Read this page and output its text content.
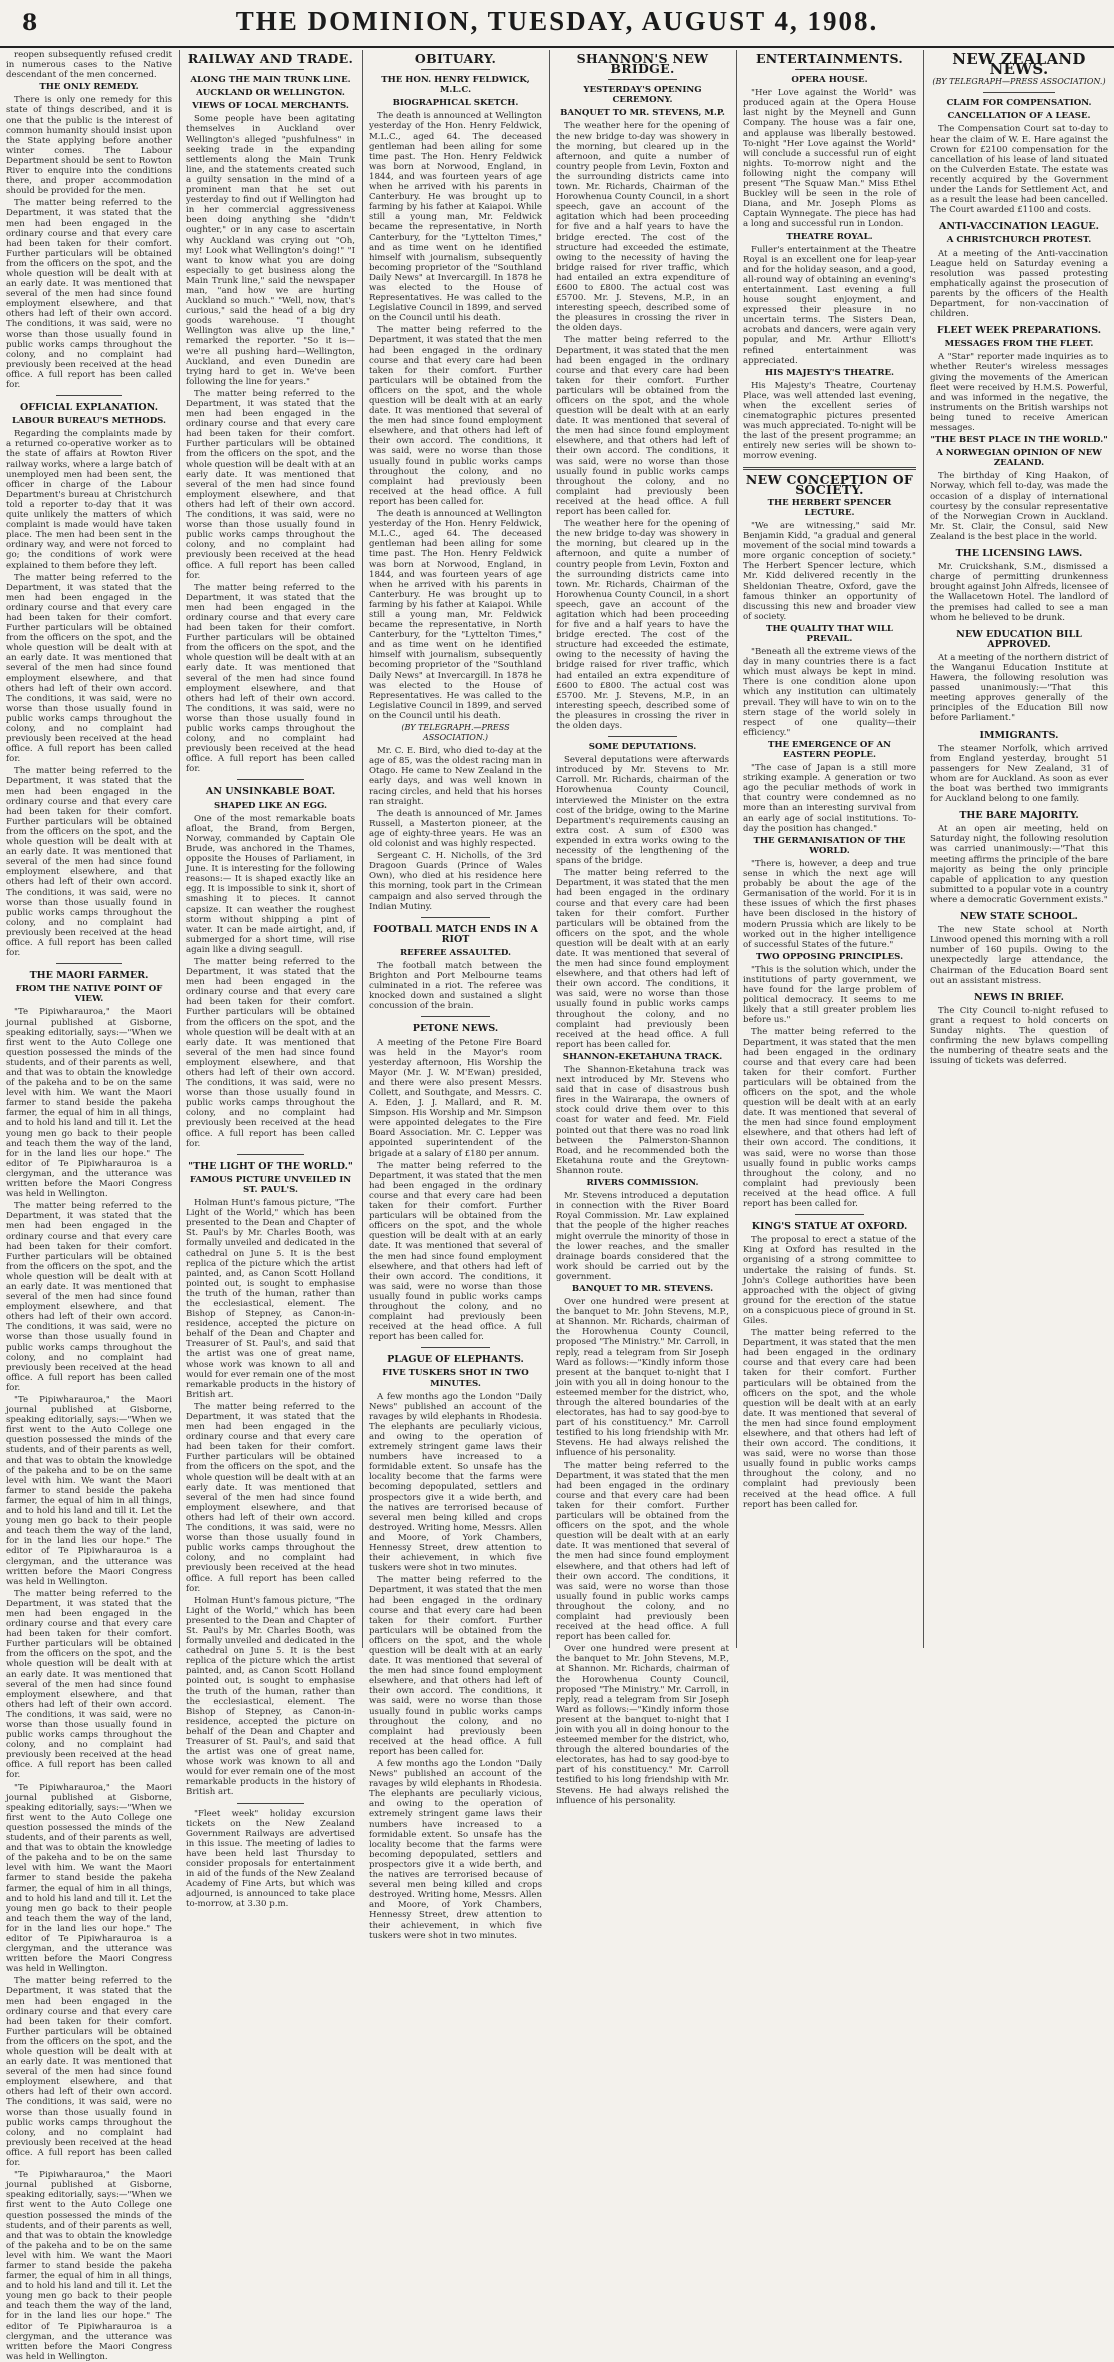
8	THE DOMINION, TUESDAY, AUGUST 4, 1908.

reopen subsequently refused credit in numerous cases to the Native descendant of the men concerned.

THE ONLY REMEDY.

There is only one remedy for this state of things described, and it is one that the public is the interest of common humanity should insist upon the State applying before another winter comes. The Labour Department should be sent to Rowton River to enquire into the conditions there, and proper accommodation should be provided for the men.

The matter being referred to the Department, it was stated that the men had been engaged in the ordinary course and that every care had been taken for their comfort. Further particulars will be obtained from the officers on the spot, and the whole question will be dealt with at an early date. It was mentioned that several of the men had since found employment elsewhere, and that others had left of their own accord. The conditions, it was said, were no worse than those usually found in public works camps throughout the colony, and no complaint had previously been received at the head office. A full report has been called for.

OFFICIAL EXPLANATION.
LABOUR BUREAU'S METHODS.

Regarding the complaints made by a returned co-operative worker as to the state of affairs at Rowton River railway works, where a large batch of unemployed men had been sent, the officer in charge of the Labour Department's bureau at Christchurch told a reporter to-day that it was quite unlikely the matters of which complaint is made would have taken place. The men had been sent in the ordinary way, and were not forced to go; the conditions of work were explained to them before they left.

The matter being referred to the Department, it was stated that the men had been engaged in the ordinary course and that every care had been taken for their comfort. Further particulars will be obtained from the officers on the spot, and the whole question will be dealt with at an early date. It was mentioned that several of the men had since found employment elsewhere, and that others had left of their own accord. The conditions, it was said, were no worse than those usually found in public works camps throughout the colony, and no complaint had previously been received at the head office. A full report has been called for.

The matter being referred to the Department, it was stated that the men had been engaged in the ordinary course and that every care had been taken for their comfort. Further particulars will be obtained from the officers on the spot, and the whole question will be dealt with at an early date. It was mentioned that several of the men had since found employment elsewhere, and that others had left of their own accord. The conditions, it was said, were no worse than those usually found in public works camps throughout the colony, and no complaint had previously been received at the head office. A full report has been called for.

THE MAORI FARMER.
FROM THE NATIVE POINT OF VIEW.

"Te Pipiwharauroa," the Maori journal published at Gisborne, speaking editorially, says:—"When we first went to the Auto College one question possessed the minds of the students, and of their parents as well, and that was to obtain the knowledge of the pakeha and to be on the same level with him. We want the Maori farmer to stand beside the pakeha farmer, the equal of him in all things, and to hold his land and till it. Let the young men go back to their people and teach them the way of the land, for in the land lies our hope." The editor of Te Pipiwharauroa is a clergyman, and the utterance was written before the Maori Congress was held in Wellington.

The matter being referred to the Department, it was stated that the men had been engaged in the ordinary course and that every care had been taken for their comfort. Further particulars will be obtained from the officers on the spot, and the whole question will be dealt with at an early date. It was mentioned that several of the men had since found employment elsewhere, and that others had left of their own accord. The conditions, it was said, were no worse than those usually found in public works camps throughout the colony, and no complaint had previously been received at the head office. A full report has been called for.

"Te Pipiwharauroa," the Maori journal published at Gisborne, speaking editorially, says:—"When we first went to the Auto College one question possessed the minds of the students, and of their parents as well, and that was to obtain the knowledge of the pakeha and to be on the same level with him. We want the Maori farmer to stand beside the pakeha farmer, the equal of him in all things, and to hold his land and till it. Let the young men go back to their people and teach them the way of the land, for in the land lies our hope." The editor of Te Pipiwharauroa is a clergyman, and the utterance was written before the Maori Congress was held in Wellington.

The matter being referred to the Department, it was stated that the men had been engaged in the ordinary course and that every care had been taken for their comfort. Further particulars will be obtained from the officers on the spot, and the whole question will be dealt with at an early date. It was mentioned that several of the men had since found employment elsewhere, and that others had left of their own accord. The conditions, it was said, were no worse than those usually found in public works camps throughout the colony, and no complaint had previously been received at the head office. A full report has been called for.

"Te Pipiwharauroa," the Maori journal published at Gisborne, speaking editorially, says:—"When we first went to the Auto College one question possessed the minds of the students, and of their parents as well, and that was to obtain the knowledge of the pakeha and to be on the same level with him. We want the Maori farmer to stand beside the pakeha farmer, the equal of him in all things, and to hold his land and till it. Let the young men go back to their people and teach them the way of the land, for in the land lies our hope." The editor of Te Pipiwharauroa is a clergyman, and the utterance was written before the Maori Congress was held in Wellington.

The matter being referred to the Department, it was stated that the men had been engaged in the ordinary course and that every care had been taken for their comfort. Further particulars will be obtained from the officers on the spot, and the whole question will be dealt with at an early date. It was mentioned that several of the men had since found employment elsewhere, and that others had left of their own accord. The conditions, it was said, were no worse than those usually found in public works camps throughout the colony, and no complaint had previously been received at the head office. A full report has been called for.

"Te Pipiwharauroa," the Maori journal published at Gisborne, speaking editorially, says:—"When we first went to the Auto College one question possessed the minds of the students, and of their parents as well, and that was to obtain the knowledge of the pakeha and to be on the same level with him. We want the Maori farmer to stand beside the pakeha farmer, the equal of him in all things, and to hold his land and till it. Let the young men go back to their people and teach them the way of the land, for in the land lies our hope." The editor of Te Pipiwharauroa is a clergyman, and the utterance was written before the Maori Congress was held in Wellington.

RAILWAY AND TRADE.
ALONG THE MAIN TRUNK LINE.
AUCKLAND OR WELLINGTON.
VIEWS OF LOCAL MERCHANTS.

Some people have been agitating themselves in Auckland over Wellington's alleged "pushfulness" in seeking trade in the expanding settlements along the Main Trunk line, and the statements created such a guilty sensation in the mind of a prominent man that he set out yesterday to find out if Wellington had in her commercial aggressiveness been doing anything she "didn't oughter," or in any case to ascertain why Auckland was crying out "Oh, my! Look what Wellington's doing!" "I want to know what you are doing especially to get business along the Main Trunk line," said the newspaper man, "and how we are hurting Auckland so much." "Well, now, that's curious," said the head of a big dry goods warehouse. "I thought Wellington was alive up the line," remarked the reporter. "So it is—we're all pushing hard—Wellington, Auckland, and even Dunedin are trying hard to get in. We've been following the line for years."

The matter being referred to the Department, it was stated that the men had been engaged in the ordinary course and that every care had been taken for their comfort. Further particulars will be obtained from the officers on the spot, and the whole question will be dealt with at an early date. It was mentioned that several of the men had since found employment elsewhere, and that others had left of their own accord. The conditions, it was said, were no worse than those usually found in public works camps throughout the colony, and no complaint had previously been received at the head office. A full report has been called for.

The matter being referred to the Department, it was stated that the men had been engaged in the ordinary course and that every care had been taken for their comfort. Further particulars will be obtained from the officers on the spot, and the whole question will be dealt with at an early date. It was mentioned that several of the men had since found employment elsewhere, and that others had left of their own accord. The conditions, it was said, were no worse than those usually found in public works camps throughout the colony, and no complaint had previously been received at the head office. A full report has been called for.

AN UNSINKABLE BOAT.
SHAPED LIKE AN EGG.

One of the most remarkable boats afloat, the Brand, from Bergen, Norway, commanded by Captain Ole Brude, was anchored in the Thames, opposite the Houses of Parliament, in June. It is interesting for the following reasons:— It is shaped exactly like an egg. It is impossible to sink it, short of smashing it to pieces. It cannot capsize. It can weather the roughest storm without shipping a pint of water. It can be made airtight, and, if submerged for a short time, will rise again like a diving seagull.

The matter being referred to the Department, it was stated that the men had been engaged in the ordinary course and that every care had been taken for their comfort. Further particulars will be obtained from the officers on the spot, and the whole question will be dealt with at an early date. It was mentioned that several of the men had since found employment elsewhere, and that others had left of their own accord. The conditions, it was said, were no worse than those usually found in public works camps throughout the colony, and no complaint had previously been received at the head office. A full report has been called for.

"THE LIGHT OF THE WORLD."
FAMOUS PICTURE UNVEILED IN ST. PAUL'S.

Holman Hunt's famous picture, "The Light of the World," which has been presented to the Dean and Chapter of St. Paul's by Mr. Charles Booth, was formally unveiled and dedicated in the cathedral on June 5. It is the best replica of the picture which the artist painted, and, as Canon Scott Holland pointed out, is sought to emphasise the truth of the human, rather than the ecclesiastical, element. The Bishop of Stepney, as Canon-in-residence, accepted the picture on behalf of the Dean and Chapter and Treasurer of St. Paul's, and said that the artist was one of great name, whose work was known to all and would for ever remain one of the most remarkable products in the history of British art.

The matter being referred to the Department, it was stated that the men had been engaged in the ordinary course and that every care had been taken for their comfort. Further particulars will be obtained from the officers on the spot, and the whole question will be dealt with at an early date. It was mentioned that several of the men had since found employment elsewhere, and that others had left of their own accord. The conditions, it was said, were no worse than those usually found in public works camps throughout the colony, and no complaint had previously been received at the head office. A full report has been called for.

Holman Hunt's famous picture, "The Light of the World," which has been presented to the Dean and Chapter of St. Paul's by Mr. Charles Booth, was formally unveiled and dedicated in the cathedral on June 5. It is the best replica of the picture which the artist painted, and, as Canon Scott Holland pointed out, is sought to emphasise the truth of the human, rather than the ecclesiastical, element. The Bishop of Stepney, as Canon-in-residence, accepted the picture on behalf of the Dean and Chapter and Treasurer of St. Paul's, and said that the artist was one of great name, whose work was known to all and would for ever remain one of the most remarkable products in the history of British art.

"Fleet week" holiday excursion tickets on the New Zealand Government Railways are advertised in this issue. The meeting of ladies to have been held last Thursday to consider proposals for entertainment in aid of the funds of the New Zealand Academy of Fine Arts, but which was adjourned, is announced to take place to-morrow, at 3.30 p.m.

OBITUARY.
THE HON. HENRY FELDWICK, M.L.C.
BIOGRAPHICAL SKETCH.

The death is announced at Wellington yesterday of the Hon. Henry Feldwick, M.L.C., aged 64. The deceased gentleman had been ailing for some time past. The Hon. Henry Feldwick was born at Norwood, England, in 1844, and was fourteen years of age when he arrived with his parents in Canterbury. He was brought up to farming by his father at Kaiapoi. While still a young man, Mr. Feldwick became the representative, in North Canterbury, for the "Lyttelton Times," and as time went on he identified himself with journalism, subsequently becoming proprietor of the "Southland Daily News" at Invercargill. In 1878 he was elected to the House of Representatives. He was called to the Legislative Council in 1899, and served on the Council until his death.

The matter being referred to the Department, it was stated that the men had been engaged in the ordinary course and that every care had been taken for their comfort. Further particulars will be obtained from the officers on the spot, and the whole question will be dealt with at an early date. It was mentioned that several of the men had since found employment elsewhere, and that others had left of their own accord. The conditions, it was said, were no worse than those usually found in public works camps throughout the colony, and no complaint had previously been received at the head office. A full report has been called for.

The death is announced at Wellington yesterday of the Hon. Henry Feldwick, M.L.C., aged 64. The deceased gentleman had been ailing for some time past. The Hon. Henry Feldwick was born at Norwood, England, in 1844, and was fourteen years of age when he arrived with his parents in Canterbury. He was brought up to farming by his father at Kaiapoi. While still a young man, Mr. Feldwick became the representative, in North Canterbury, for the "Lyttelton Times," and as time went on he identified himself with journalism, subsequently becoming proprietor of the "Southland Daily News" at Invercargill. In 1878 he was elected to the House of Representatives. He was called to the Legislative Council in 1899, and served on the Council until his death.

(BY TELEGRAPH.—PRESS ASSOCIATION.)

Mr. C. E. Bird, who died to-day at the age of 85, was the oldest racing man in Otago. He came to New Zealand in the early days, and was well known in racing circles, and held that his horses ran straight.

The death is announced of Mr. James Russell, a Masterton pioneer, at the age of eighty-three years. He was an old colonist and was highly respected.

Sergeant C. H. Nicholls, of the 3rd Dragoon Guards (Prince of Wales Own), who died at his residence here this morning, took part in the Crimean campaign and also served through the Indian Mutiny.

FOOTBALL MATCH ENDS IN A RIOT
REFEREE ASSAULTED.

The football match between the Brighton and Port Melbourne teams culminated in a riot. The referee was knocked down and sustained a slight concussion of the brain.

PETONE NEWS.

A meeting of the Petone Fire Board was held in the Mayor's room yesterday afternoon, His Worship the Mayor (Mr. J. W. M'Ewan) presided, and there were also present Messrs. Collett, and Southgate, and Messrs. C. A. Eden, J. J. Mallard, and R. M. Simpson. His Worship and Mr. Simpson were appointed delegates to the Fire Board Association. Mr. C. Lepper was appointed superintendent of the brigade at a salary of £180 per annum.

The matter being referred to the Department, it was stated that the men had been engaged in the ordinary course and that every care had been taken for their comfort. Further particulars will be obtained from the officers on the spot, and the whole question will be dealt with at an early date. It was mentioned that several of the men had since found employment elsewhere, and that others had left of their own accord. The conditions, it was said, were no worse than those usually found in public works camps throughout the colony, and no complaint had previously been received at the head office. A full report has been called for.

PLAGUE OF ELEPHANTS.
FIVE TUSKERS SHOT IN TWO MINUTES.

A few months ago the London "Daily News" published an account of the ravages by wild elephants in Rhodesia. The elephants are peculiarly vicious, and owing to the operation of extremely stringent game laws their numbers have increased to a formidable extent. So unsafe has the locality become that the farms were becoming depopulated, settlers and prospectors give it a wide berth, and the natives are terrorised because of several men being killed and crops destroyed. Writing home, Messrs. Allen and Moore, of York Chambers, Hennessy Street, drew attention to their achievement, in which five tuskers were shot in two minutes.

The matter being referred to the Department, it was stated that the men had been engaged in the ordinary course and that every care had been taken for their comfort. Further particulars will be obtained from the officers on the spot, and the whole question will be dealt with at an early date. It was mentioned that several of the men had since found employment elsewhere, and that others had left of their own accord. The conditions, it was said, were no worse than those usually found in public works camps throughout the colony, and no complaint had previously been received at the head office. A full report has been called for.

A few months ago the London "Daily News" published an account of the ravages by wild elephants in Rhodesia. The elephants are peculiarly vicious, and owing to the operation of extremely stringent game laws their numbers have increased to a formidable extent. So unsafe has the locality become that the farms were becoming depopulated, settlers and prospectors give it a wide berth, and the natives are terrorised because of several men being killed and crops destroyed. Writing home, Messrs. Allen and Moore, of York Chambers, Hennessy Street, drew attention to their achievement, in which five tuskers were shot in two minutes.

SHANNON'S NEW BRIDGE.
YESTERDAY'S OPENING CEREMONY.
BANQUET TO MR. STEVENS, M.P.

The weather here for the opening of the new bridge to-day was showery in the morning, but cleared up in the afternoon, and quite a number of country people from Levin, Foxton and the surrounding districts came into town. Mr. Richards, Chairman of the Horowhenua County Council, in a short speech, gave an account of the agitation which had been proceeding for five and a half years to have the bridge erected. The cost of the structure had exceeded the estimate, owing to the necessity of having the bridge raised for river traffic, which had entailed an extra expenditure of £600 to £800. The actual cost was £5700. Mr. J. Stevens, M.P., in an interesting speech, described some of the pleasures in crossing the river in the olden days.

The matter being referred to the Department, it was stated that the men had been engaged in the ordinary course and that every care had been taken for their comfort. Further particulars will be obtained from the officers on the spot, and the whole question will be dealt with at an early date. It was mentioned that several of the men had since found employment elsewhere, and that others had left of their own accord. The conditions, it was said, were no worse than those usually found in public works camps throughout the colony, and no complaint had previously been received at the head office. A full report has been called for.

The weather here for the opening of the new bridge to-day was showery in the morning, but cleared up in the afternoon, and quite a number of country people from Levin, Foxton and the surrounding districts came into town. Mr. Richards, Chairman of the Horowhenua County Council, in a short speech, gave an account of the agitation which had been proceeding for five and a half years to have the bridge erected. The cost of the structure had exceeded the estimate, owing to the necessity of having the bridge raised for river traffic, which had entailed an extra expenditure of £600 to £800. The actual cost was £5700. Mr. J. Stevens, M.P., in an interesting speech, described some of the pleasures in crossing the river in the olden days.

SOME DEPUTATIONS.

Several deputations were afterwards introduced by Mr. Stevens to Mr. Carroll. Mr. Richards, chairman of the Horowhenua County Council, interviewed the Minister on the extra cost of the bridge, owing to the Marine Department's requirements causing an extra cost. A sum of £300 was expended in extra works owing to the necessity of the lengthening of the spans of the bridge.

The matter being referred to the Department, it was stated that the men had been engaged in the ordinary course and that every care had been taken for their comfort. Further particulars will be obtained from the officers on the spot, and the whole question will be dealt with at an early date. It was mentioned that several of the men had since found employment elsewhere, and that others had left of their own accord. The conditions, it was said, were no worse than those usually found in public works camps throughout the colony, and no complaint had previously been received at the head office. A full report has been called for.

SHANNON-EKETAHUNA TRACK.

The Shannon-Eketahuna track was next introduced by Mr. Stevens who said that in case of disastrous bush fires in the Wairarapa, the owners of stock could drive them over to this coast for water and feed. Mr. Field pointed out that there was no road link between the Palmerston-Shannon Road, and he recommended both the Eketahuna route and the Greytown-Shannon route.

RIVERS COMMISSION.

Mr. Stevens introduced a deputation in connection with the River Board Royal Commission. Mr. Law explained that the people of the higher reaches might overrule the minority of those in the lower reaches, and the smaller drainage boards considered that the work should be carried out by the government.

BANQUET TO MR. STEVENS.

Over one hundred were present at the banquet to Mr. John Stevens, M.P., at Shannon. Mr. Richards, chairman of the Horowhenua County Council, proposed "The Ministry." Mr. Carroll, in reply, read a telegram from Sir Joseph Ward as follows:—"Kindly inform those present at the banquet to-night that I join with you all in doing honour to the esteemed member for the district, who, through the altered boundaries of the electorates, has had to say good-bye to part of his constituency." Mr. Carroll testified to his long friendship with Mr. Stevens. He had always relished the influence of his personality.

The matter being referred to the Department, it was stated that the men had been engaged in the ordinary course and that every care had been taken for their comfort. Further particulars will be obtained from the officers on the spot, and the whole question will be dealt with at an early date. It was mentioned that several of the men had since found employment elsewhere, and that others had left of their own accord. The conditions, it was said, were no worse than those usually found in public works camps throughout the colony, and no complaint had previously been received at the head office. A full report has been called for.

Over one hundred were present at the banquet to Mr. John Stevens, M.P., at Shannon. Mr. Richards, chairman of the Horowhenua County Council, proposed "The Ministry." Mr. Carroll, in reply, read a telegram from Sir Joseph Ward as follows:—"Kindly inform those present at the banquet to-night that I join with you all in doing honour to the esteemed member for the district, who, through the altered boundaries of the electorates, has had to say good-bye to part of his constituency." Mr. Carroll testified to his long friendship with Mr. Stevens. He had always relished the influence of his personality.

ENTERTAINMENTS.
OPERA HOUSE.

"Her Love against the World" was produced again at the Opera House last night by the Meynell and Gunn Company. The house was a fair one, and applause was liberally bestowed. To-night "Her Love against the World" will conclude a successful run of eight nights. To-morrow night and the following night the company will present "The Squaw Man." Miss Ethel Buckley will be seen in the role of Diana, and Mr. Joseph Ploms as Captain Wynnegate. The piece has had a long and successful run in London.

THEATRE ROYAL.

Fuller's entertainment at the Theatre Royal is an excellent one for leap-year and for the holiday season, and a good, all-round way of obtaining an evening's entertainment. Last evening a full house sought enjoyment, and expressed their pleasure in no uncertain terms. The Sisters Dean, acrobats and dancers, were again very popular, and Mr. Arthur Elliott's refined entertainment was appreciated.

HIS MAJESTY'S THEATRE.

His Majesty's Theatre, Courtenay Place, was well attended last evening, when the excellent series of cinematographic pictures presented was much appreciated. To-night will be the last of the present programme; an entirely new series will be shown to-morrow evening.

NEW CONCEPTION OF SOCIETY.
THE HERBERT SPENCER LECTURE.

"We are witnessing," said Mr. Benjamin Kidd, "a gradual and general movement of the social mind towards a more organic conception of society." The Herbert Spencer lecture, which Mr. Kidd delivered recently in the Sheldonian Theatre, Oxford, gave the famous thinker an opportunity of discussing this new and broader view of society.

THE QUALITY THAT WILL PREVAIL.

"Beneath all the extreme views of the day in many countries there is a fact which must always be kept in mind. There is one condition alone upon which any institution can ultimately prevail. They will have to win on to the stern stage of the world solely in respect of one quality—their efficiency."

THE EMERGENCE OF AN EASTERN PEOPLE.

"The case of Japan is a still more striking example. A generation or two ago the peculiar methods of work in that country were condemned as no more than an interesting survival from an early age of social institutions. To-day the position has changed."

THE GERMANISATION OF THE WORLD.

"There is, however, a deep and true sense in which the next age will probably be about the age of the Germanisation of the world. For it is in these issues of which the first phases have been disclosed in the history of modern Prussia which are likely to be worked out in the higher intelligence of successful States of the future."

TWO OPPOSING PRINCIPLES.

"This is the solution which, under the institutions of party government, we have found for the large problem of political democracy. It seems to me likely that a still greater problem lies before us."

The matter being referred to the Department, it was stated that the men had been engaged in the ordinary course and that every care had been taken for their comfort. Further particulars will be obtained from the officers on the spot, and the whole question will be dealt with at an early date. It was mentioned that several of the men had since found employment elsewhere, and that others had left of their own accord. The conditions, it was said, were no worse than those usually found in public works camps throughout the colony, and no complaint had previously been received at the head office. A full report has been called for.

KING'S STATUE AT OXFORD.

The proposal to erect a statue of the King at Oxford has resulted in the organising of a strong committee to undertake the raising of funds. St. John's College authorities have been approached with the object of giving ground for the erection of the statue on a conspicuous piece of ground in St. Giles.

The matter being referred to the Department, it was stated that the men had been engaged in the ordinary course and that every care had been taken for their comfort. Further particulars will be obtained from the officers on the spot, and the whole question will be dealt with at an early date. It was mentioned that several of the men had since found employment elsewhere, and that others had left of their own accord. The conditions, it was said, were no worse than those usually found in public works camps throughout the colony, and no complaint had previously been received at the head office. A full report has been called for.

NEW ZEALAND NEWS.
(BY TELEGRAPH—PRESS ASSOCIATION.)
CLAIM FOR COMPENSATION.
CANCELLATION OF A LEASE.

The Compensation Court sat to-day to hear the claim of W. E. Hare against the Crown for £2100 compensation for the cancellation of his lease of land situated on the Culverden Estate. The estate was recently acquired by the Government under the Lands for Settlement Act, and as a result the lease had been cancelled. The Court awarded £1100 and costs.

ANTI-VACCINATION LEAGUE.
A CHRISTCHURCH PROTEST.

At a meeting of the Anti-vaccination League held on Saturday evening a resolution was passed protesting emphatically against the prosecution of parents by the officers of the Health Department, for non-vaccination of children.

FLEET WEEK PREPARATIONS.
MESSAGES FROM THE FLEET.

A "Star" reporter made inquiries as to whether Reuter's wireless messages giving the movements of the American fleet were received by H.M.S. Powerful, and was informed in the negative, the instruments on the British warships not being tuned to receive American messages.

"THE BEST PLACE IN THE WORLD."
A NORWEGIAN OPINION OF NEW ZEALAND.

The birthday of King Haakon, of Norway, which fell to-day, was made the occasion of a display of international courtesy by the consular representative of the Norwegian Crown in Auckland. Mr. St. Clair, the Consul, said New Zealand is the best place in the world.

THE LICENSING LAWS.

Mr. Cruickshank, S.M., dismissed a charge of permitting drunkenness brought against John Alfreds, licensee of the Wallacetown Hotel. The landlord of the premises had called to see a man whom he believed to be drunk.

NEW EDUCATION BILL APPROVED.

At a meeting of the northern district of the Wanganui Education Institute at Hawera, the following resolution was passed unanimously:—"That this meeting approves generally of the principles of the Education Bill now before Parliament."

IMMIGRANTS.

The steamer Norfolk, which arrived from England yesterday, brought 51 passengers for New Zealand, 31 of whom are for Auckland. As soon as ever the boat was berthed two immigrants for Auckland belong to one family.

THE BARE MAJORITY.

At an open air meeting, held on Saturday night, the following resolution was carried unanimously:—"That this meeting affirms the principle of the bare majority as being the only principle capable of application to any question submitted to a popular vote in a country where a democratic Government exists."

NEW STATE SCHOOL.

The new State school at North Linwood opened this morning with a roll number of 160 pupils. Owing to the unexpectedly large attendance, the Chairman of the Education Board sent out an assistant mistress.

NEWS IN BRIEF.

The City Council to-night refused to grant a request to hold concerts on Sunday nights. The question of confirming the new bylaws compelling the numbering of theatre seats and the issuing of tickets was deferred.
